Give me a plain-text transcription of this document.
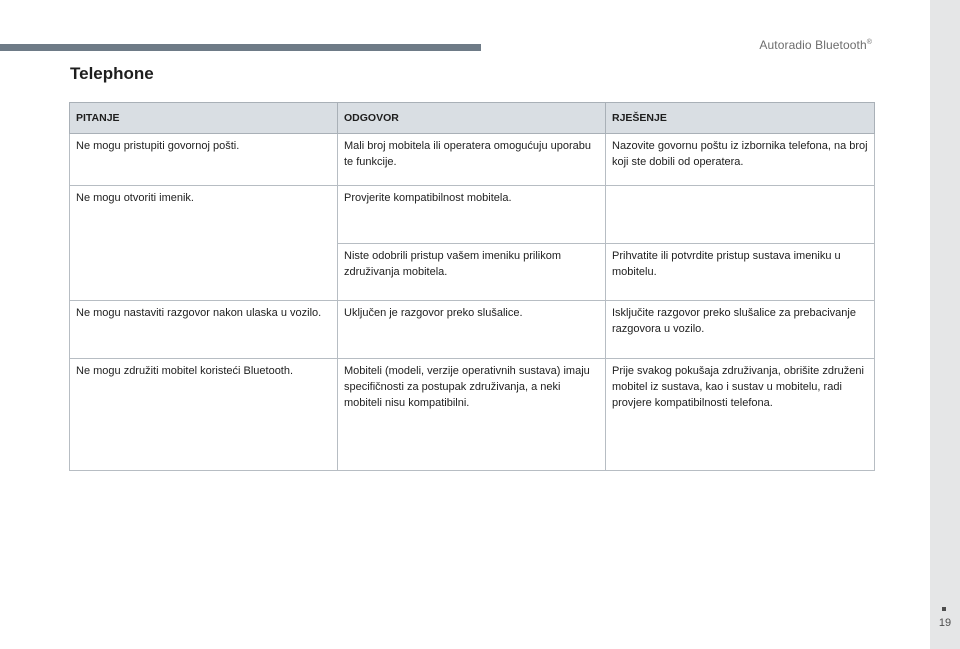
Autoradio Bluetooth®
19
Telephone
PITANJE	ODGOVOR	RJEŠENJE
Ne mogu pristupiti govornoj pošti.	Mali broj mobitela ili operatera omogućuju uporabu te funkcije.	Nazovite govornu poštu iz izbornika telefona, na broj koji ste dobili od operatera.
Ne mogu otvoriti imenik.	Provjerite kompatibilnost mobitela.	
	Niste odobrili pristup vašem imeniku prilikom združivanja mobitela.	Prihvatite ili potvrdite pristup sustava imeniku u mobitelu.
Ne mogu nastaviti razgovor nakon ulaska u vozilo.	Uključen je razgovor preko slušalice.	Isključite razgovor preko slušalice za prebacivanje razgovora u vozilo.
Ne mogu združiti mobitel koristeći Bluetooth.	Mobiteli (modeli, verzije operativnih sustava) imaju specifičnosti za postupak združivanja, a neki mobiteli nisu kompatibilni.	Prije svakog pokušaja združivanja, obrišite združeni mobitel iz sustava, kao i sustav u mobitelu, radi provjere kompatibilnosti telefona.
